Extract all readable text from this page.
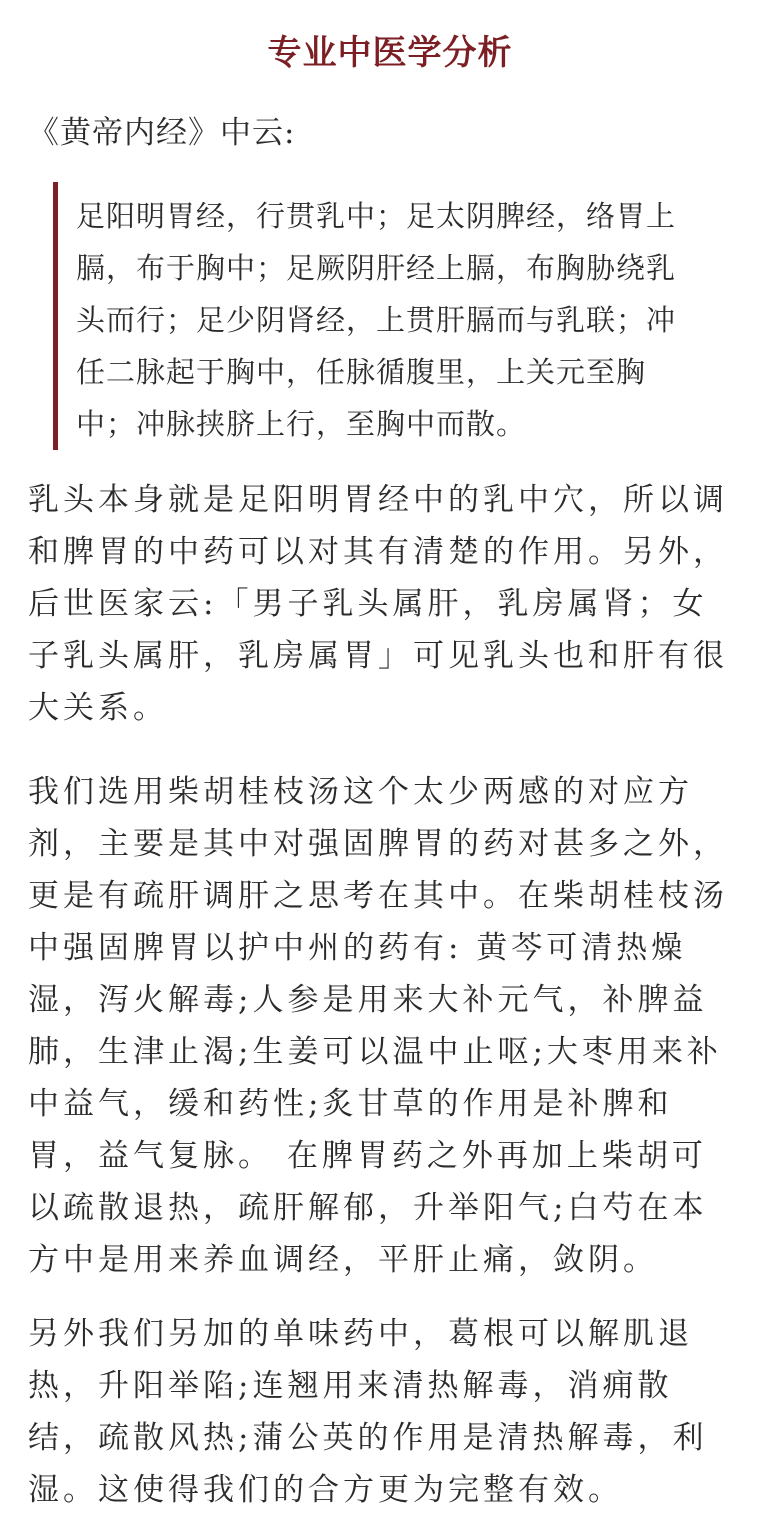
专业中医学分析
《黄帝内经》中云:
足阳明胃经，行贯乳中；足太阴脾经，络胃上
膈，布于胸中；足厥阴肝经上膈，布胸胁绕乳
头而行；足少阴肾经，上贯肝膈而与乳联；冲
任二脉起于胸中，任脉循腹里，上关元至胸
中；冲脉挟脐上行，至胸中而散。

乳头本身就是足阳明胃经中的乳中穴，所以调
和脾胃的中药可以对其有清楚的作用。另外，
后世医家云:「男子乳头属肝，乳房属肾；女
子乳头属肝，乳房属胃」可见乳头也和肝有很
大关系。

我们选用柴胡桂枝汤这个太少两感的对应方
剂，主要是其中对强固脾胃的药对甚多之外，
更是有疏肝调肝之思考在其中。在柴胡桂枝汤
中强固脾胃以护中州的药有: 黄芩可清热燥
湿，泻火解毒;人参是用来大补元气，补脾益
肺，生津止渴;生姜可以温中止呕;大枣用来补
中益气，缓和药性;炙甘草的作用是补脾和
胃，益气复脉。 在脾胃药之外再加上柴胡可
以疏散退热，疏肝解郁，升举阳气;白芍在本
方中是用来养血调经，平肝止痛，敛阴。

另外我们另加的单味药中，葛根可以解肌退
热，升阳举陷;连翘用来清热解毒，消痈散
结，疏散风热;蒲公英的作用是清热解毒，利
湿。这使得我们的合方更为完整有效。
